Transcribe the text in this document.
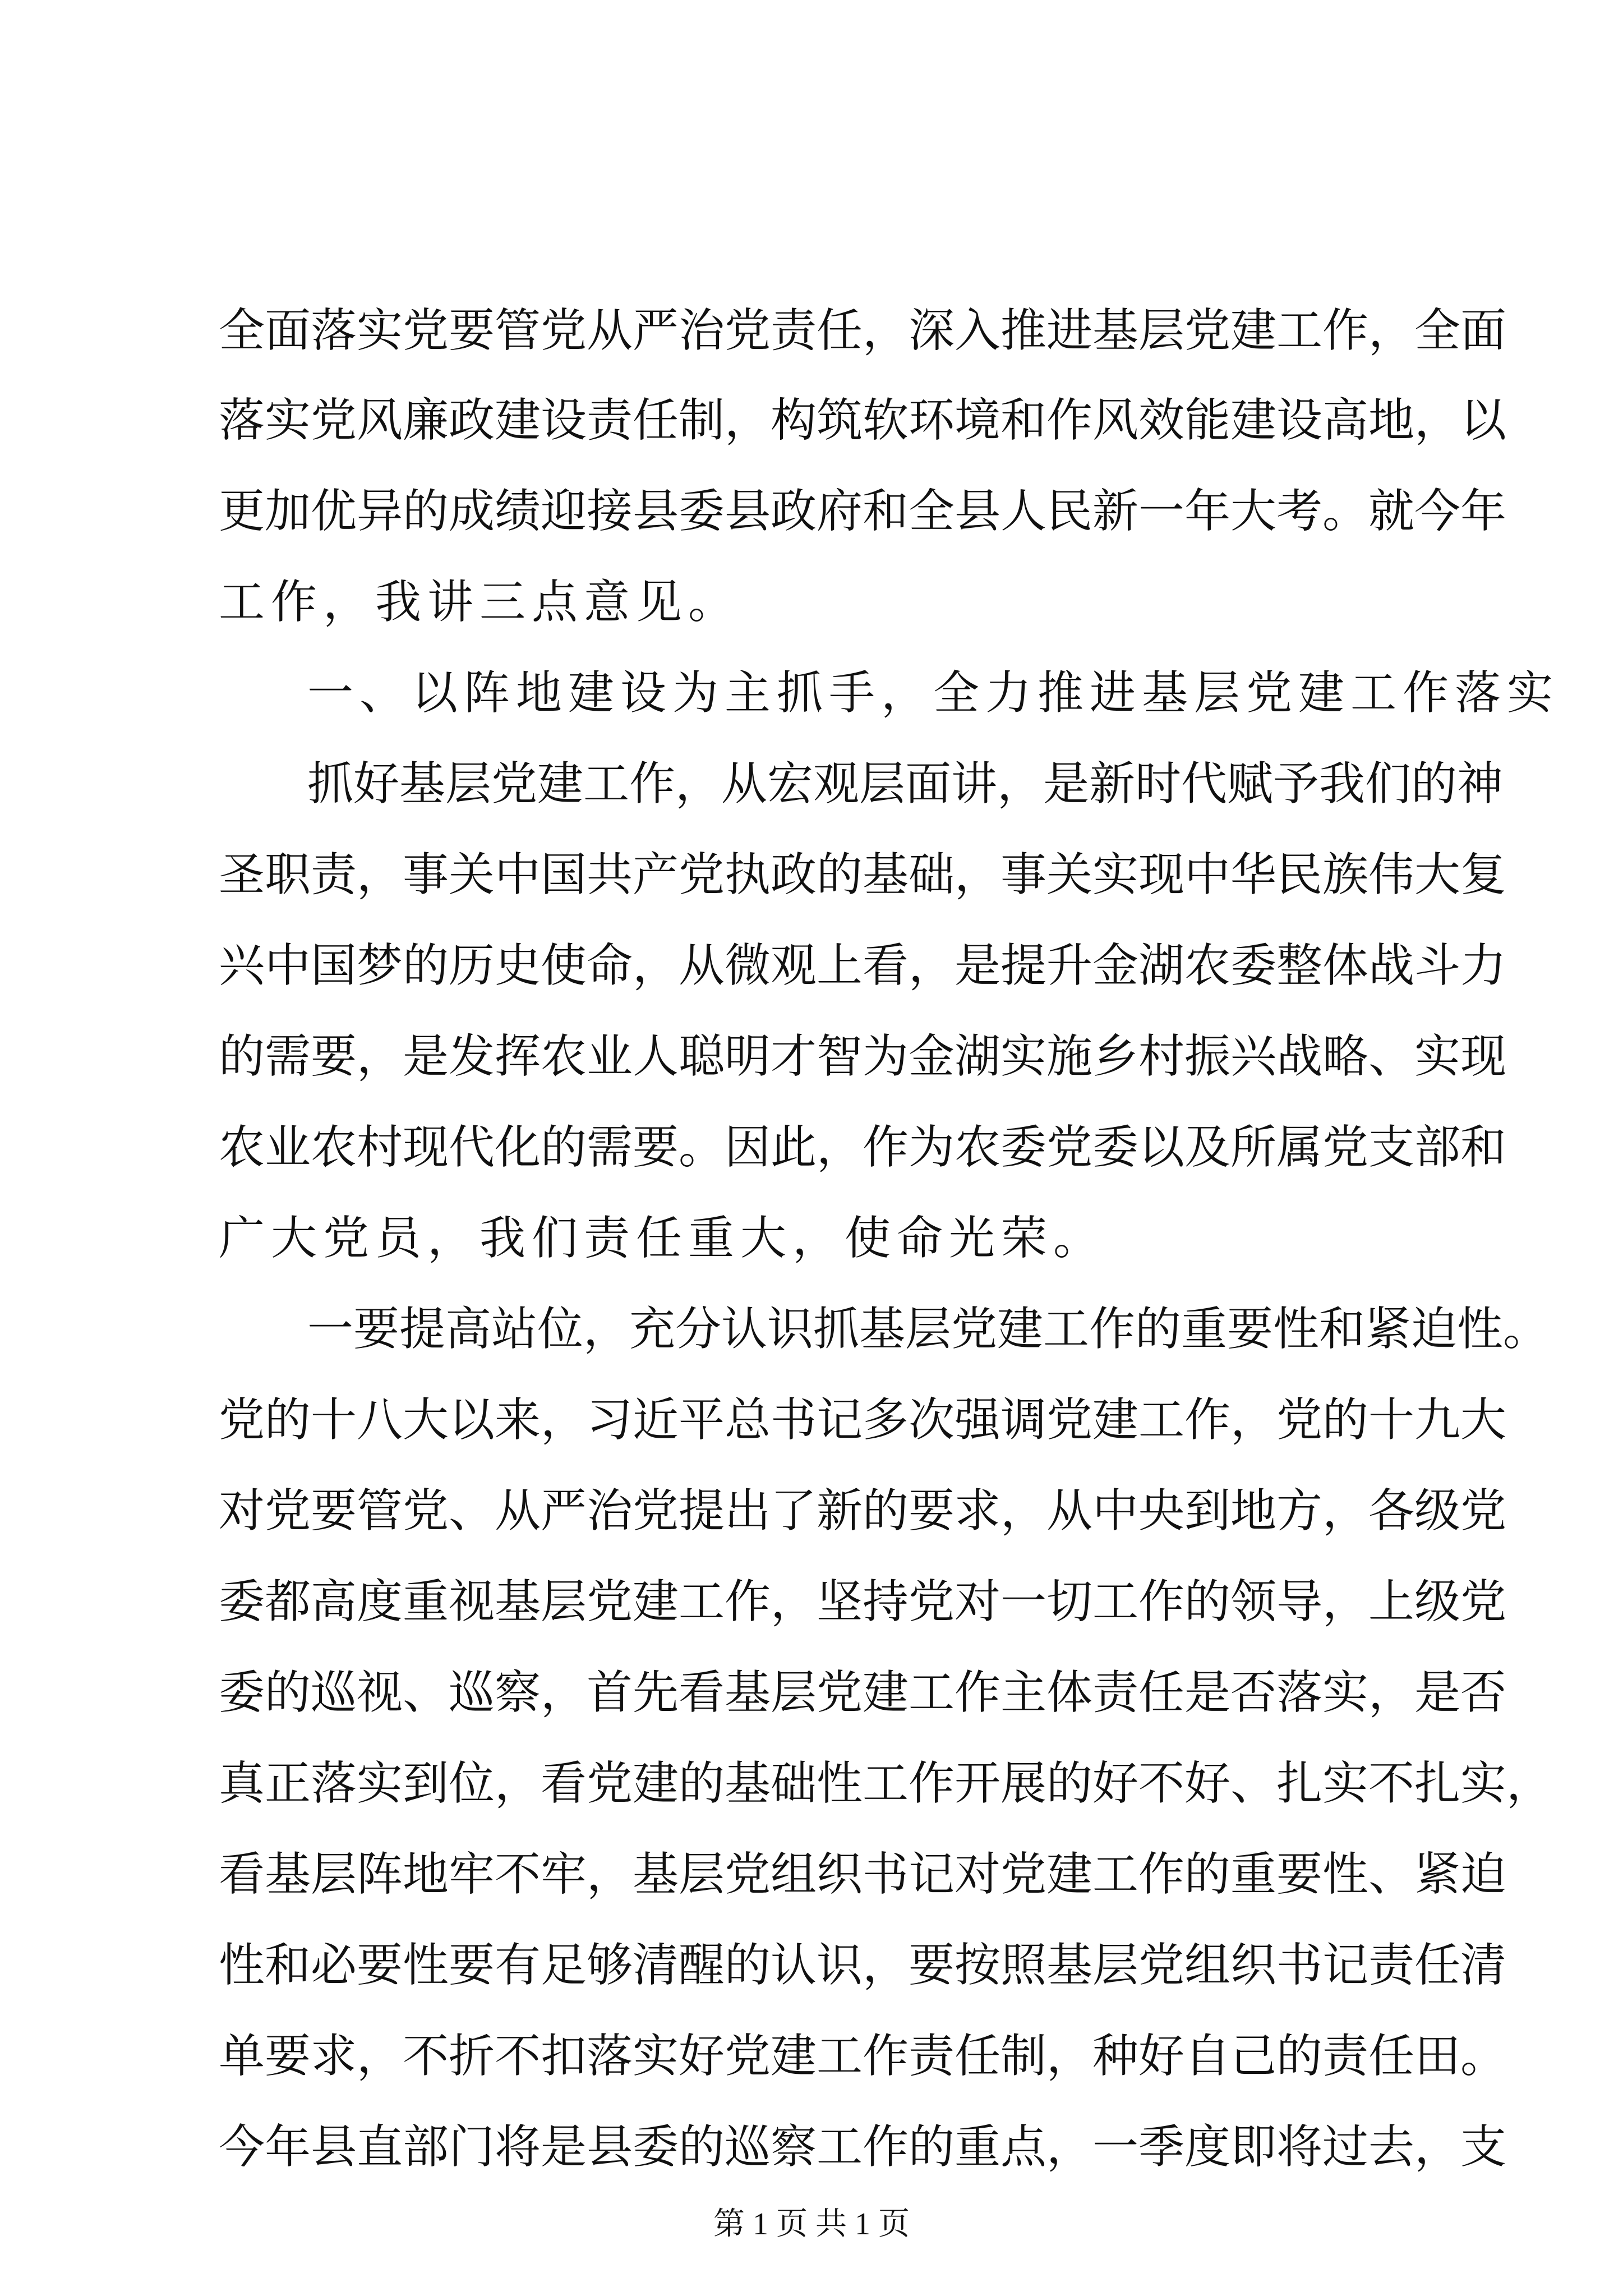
全面落实党要管党从严治党责任，深入推进基层党建工作，全面
落实党风廉政建设责任制，构筑软环境和作风效能建设高地，以
更加优异的成绩迎接县委县政府和全县人民新一年大考。就今年
工作，我讲三点意见。
一、以阵地建设为主抓手，全力推进基层党建工作落实
抓好基层党建工作，从宏观层面讲，是新时代赋予我们的神
圣职责，事关中国共产党执政的基础，事关实现中华民族伟大复
兴中国梦的历史使命，从微观上看，是提升金湖农委整体战斗力
的需要，是发挥农业人聪明才智为金湖实施乡村振兴战略、实现
农业农村现代化的需要。因此，作为农委党委以及所属党支部和
广大党员，我们责任重大，使命光荣。
一要提高站位，充分认识抓基层党建工作的重要性和紧迫性。
党的十八大以来，习近平总书记多次强调党建工作，党的十九大
对党要管党、从严治党提出了新的要求，从中央到地方，各级党
委都高度重视基层党建工作，坚持党对一切工作的领导，上级党
委的巡视、巡察，首先看基层党建工作主体责任是否落实，是否
真正落实到位，看党建的基础性工作开展的好不好、扎实不扎实，
看基层阵地牢不牢，基层党组织书记对党建工作的重要性、紧迫
性和必要性要有足够清醒的认识，要按照基层党组织书记责任清
单要求，不折不扣落实好党建工作责任制，种好自己的责任田。
今年县直部门将是县委的巡察工作的重点，一季度即将过去，支
第 1 页 共 1 页
